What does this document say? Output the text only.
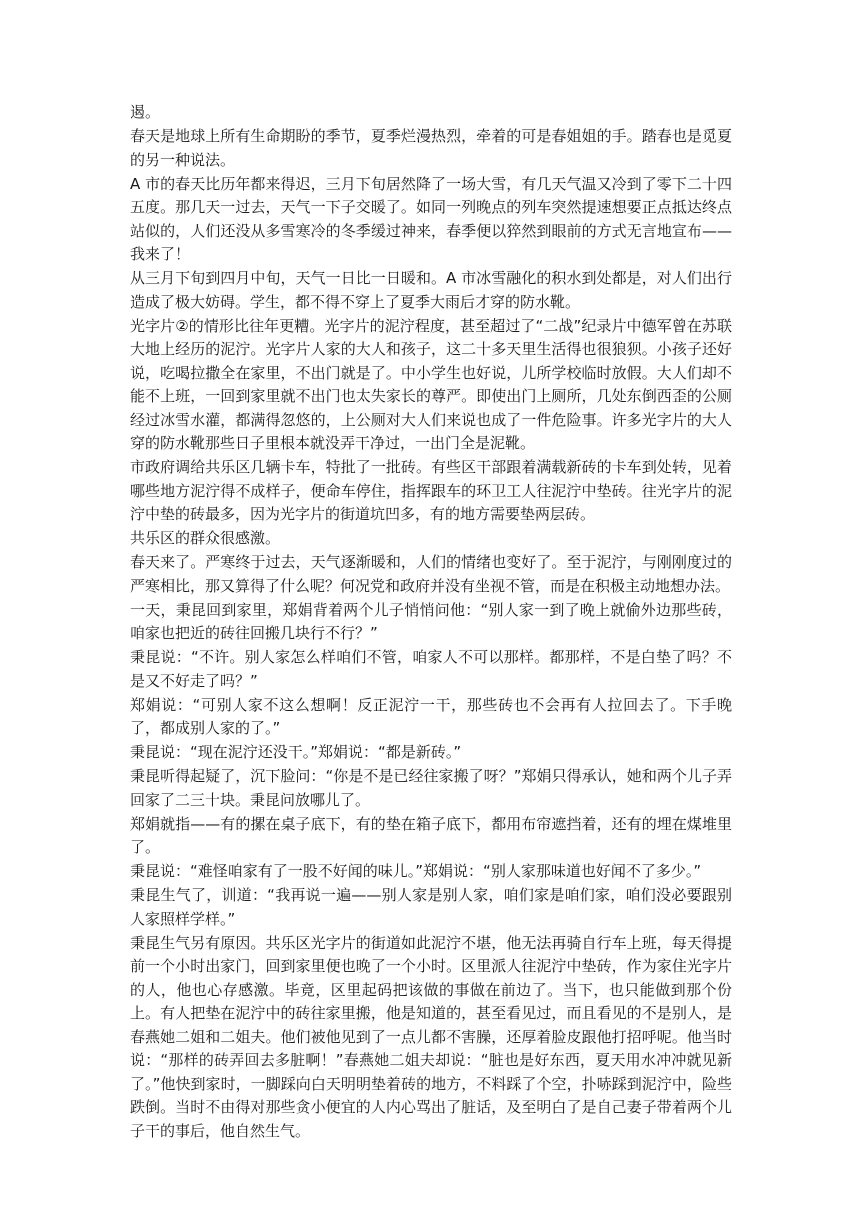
遏。

春天是地球上所有生命期盼的季节，夏季烂漫热烈，牵着的可是春姐姐的手。踏春也是觅夏的另一种说法。

A 市的春天比历年都来得迟，三月下旬居然降了一场大雪，有几天气温又冷到了零下二十四五度。那几天一过去，天气一下子交暖了。如同一列晚点的列车突然提速想要正点抵达终点站似的，人们还没从多雪寒冷的冬季缓过神来，春季便以猝然到眼前的方式无言地宣布——我来了！

从三月下旬到四月中旬，天气一日比一日暖和。A 市冰雪融化的积水到处都是，对人们出行造成了极大妨碍。学生，都不得不穿上了夏季大雨后才穿的防水靴。

光字片②的情形比往年更糟。光字片的泥泞程度，甚至超过了“二战”纪录片中德军曾在苏联大地上经历的泥泞。光字片人家的大人和孩子，这二十多天里生活得也很狼狈。小孩子还好说，吃喝拉撒全在家里，不出门就是了。中小学生也好说，儿所学校临时放假。大人们却不能不上班，一回到家里就不出门也太失家长的尊严。即使出门上厕所，几处东倒西歪的公厕经过冰雪水灌，都满得忽悠的，上公厕对大人们来说也成了一件危险事。许多光字片的大人穿的防水靴那些日子里根本就没弄干净过，一出门全是泥靴。

市政府调给共乐区几辆卡车，特批了一批砖。有些区干部跟着满载新砖的卡车到处转，见着哪些地方泥泞得不成样子，便命车停住，指挥跟车的环卫工人往泥泞中垫砖。往光字片的泥泞中垫的砖最多，因为光字片的街道坑凹多，有的地方需要垫两层砖。

共乐区的群众很感激。

春天来了。严寒终于过去，天气逐渐暖和，人们的情绪也变好了。至于泥泞，与刚刚度过的严寒相比，那又算得了什么呢？何况党和政府并没有坐视不管，而是在积极主动地想办法。

一天，秉昆回到家里，郑娟背着两个儿子悄悄问他：“别人家一到了晚上就偷外边那些砖，咱家也把近的砖往回搬几块行不行？”

秉昆说：“不许。别人家怎么样咱们不管，咱家人不可以那样。都那样，不是白垫了吗？不是又不好走了吗？”

郑娟说：“可别人家不这么想啊！反正泥泞一干，那些砖也不会再有人拉回去了。下手晚了，都成别人家的了。”

秉昆说：“现在泥泞还没干。”郑娟说：“都是新砖。”

秉昆听得起疑了，沉下脸问：“你是不是已经往家搬了呀？”郑娟只得承认，她和两个儿子弄回家了二三十块。秉昆问放哪儿了。

郑娟就指——有的摞在桌子底下，有的垫在箱子底下，都用布帘遮挡着，还有的埋在煤堆里了。

秉昆说：“难怪咱家有了一股不好闻的味儿。”郑娟说：“别人家那味道也好闻不了多少。”

秉昆生气了，训道：“我再说一遍——别人家是别人家，咱们家是咱们家，咱们没必要跟别人家照样学样。”

秉昆生气另有原因。共乐区光字片的街道如此泥泞不堪，他无法再骑自行车上班，每天得提前一个小时出家门，回到家里便也晚了一个小时。区里派人往泥泞中垫砖，作为家住光字片的人，他也心存感激。毕竟，区里起码把该做的事做在前边了。当下，也只能做到那个份上。有人把垫在泥泞中的砖往家里搬，他是知道的，甚至看见过，而且看见的不是别人，是春燕她二姐和二姐夫。他们被他见到了一点儿都不害臊，还厚着脸皮跟他打招呼呢。他当时说：“那样的砖弄回去多脏啊！”春燕她二姐夫却说：“脏也是好东西，夏天用水冲冲就见新了。”他快到家时，一脚踩向白天明明垫着砖的地方，不料踩了个空，扑哧踩到泥泞中，险些跌倒。当时不由得对那些贪小便宜的人内心骂出了脏话，及至明白了是自己妻子带着两个儿子干的事后，他自然生气。
